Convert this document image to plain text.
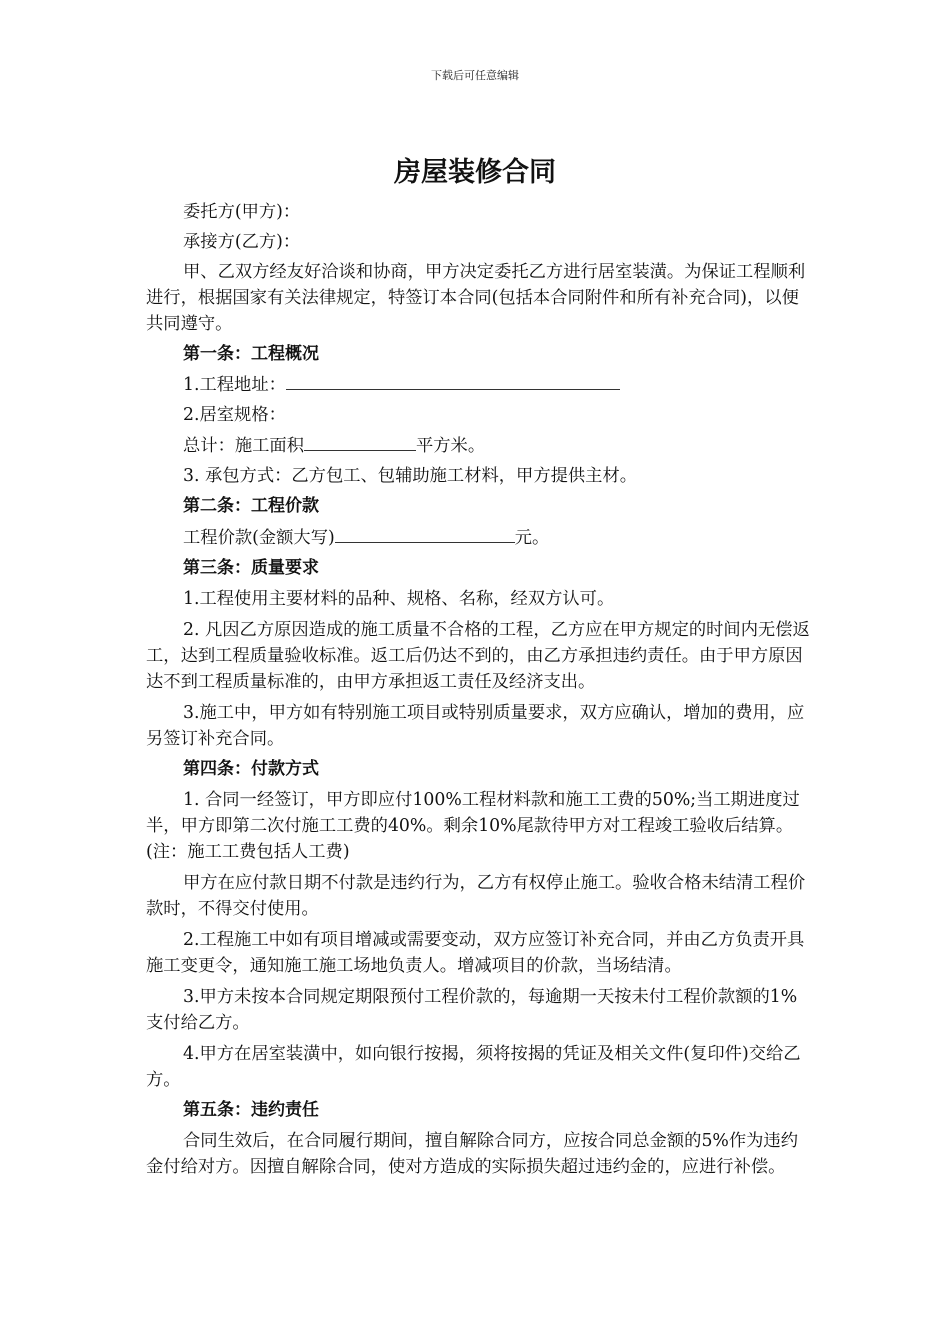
下载后可任意编辑
房屋装修合同

委托方(甲方)：

承接方(乙方)：

甲、乙双方经友好洽谈和协商，甲方决定委托乙方进行居室装潢。为保证工程顺利进行，根据国家有关法律规定，特签订本合同(包括本合同附件和所有补充合同)，以便共同遵守。

第一条：工程概况

1.工程地址：

2.居室规格：

总计：施工面积	平方米。

3. 承包方式：乙方包工、包辅助施工材料，甲方提供主材。

第二条：工程价款

工程价款(金额大写)	元。

第三条：质量要求

1.工程使用主要材料的品种、规格、名称，经双方认可。

2. 凡因乙方原因造成的施工质量不合格的工程，乙方应在甲方规定的时间内无偿返工，达到工程质量验收标准。返工后仍达不到的，由乙方承担违约责任。由于甲方原因达不到工程质量标准的，由甲方承担返工责任及经济支出。

3.施工中，甲方如有特别施工项目或特别质量要求，双方应确认，增加的费用，应另签订补充合同。

第四条：付款方式

1. 合同一经签订，甲方即应付100%工程材料款和施工工费的50%;当工期进度过半，甲方即第二次付施工工费的40%。剩余10%尾款待甲方对工程竣工验收后结算。(注：施工工费包括人工费)

甲方在应付款日期不付款是违约行为，乙方有权停止施工。验收合格未结清工程价款时，不得交付使用。

2.工程施工中如有项目增减或需要变动，双方应签订补充合同，并由乙方负责开具施工变更令，通知施工施工场地负责人。增减项目的价款，当场结清。

3.甲方未按本合同规定期限预付工程价款的，每逾期一天按未付工程价款额的1%支付给乙方。

4.甲方在居室装潢中，如向银行按揭，须将按揭的凭证及相关文件(复印件)交给乙方。

第五条：违约责任

合同生效后，在合同履行期间，擅自解除合同方，应按合同总金额的5%作为违约金付给对方。因擅自解除合同，使对方造成的实际损失超过违约金的，应进行补偿。
